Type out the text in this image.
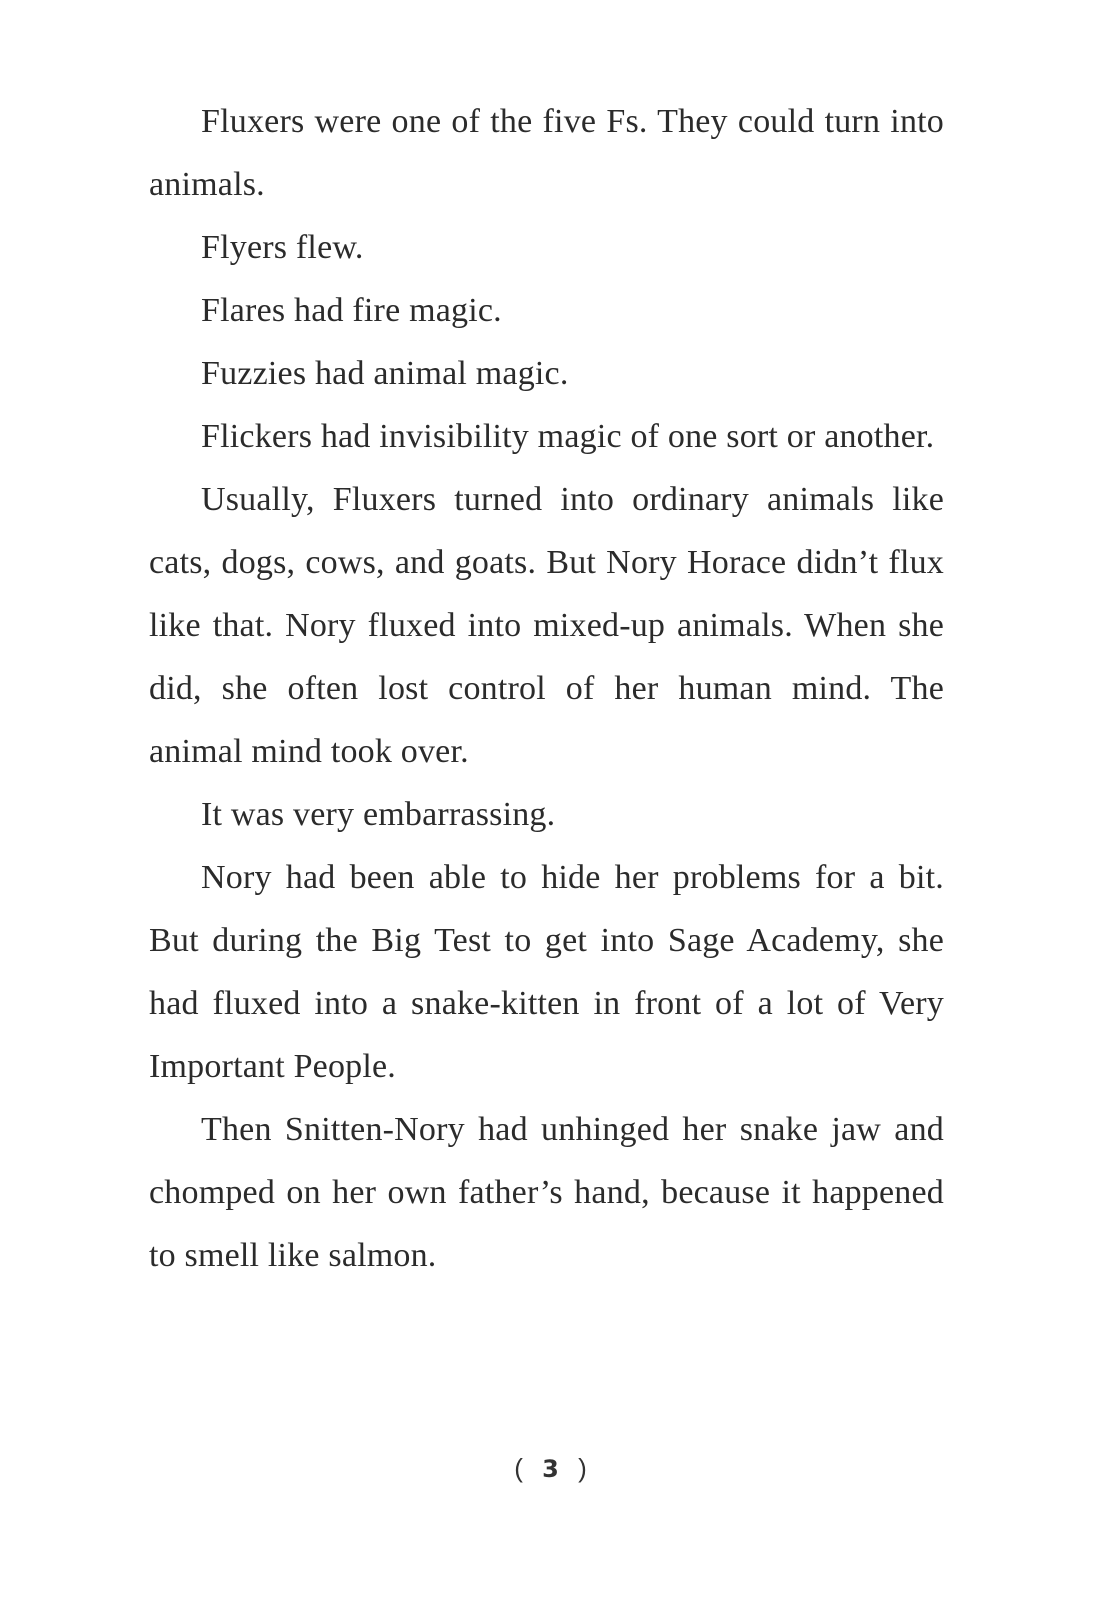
Fluxers were one of the five Fs. They could turn into animals.

Flyers flew.

Flares had fire magic.

Fuzzies had animal magic.

Flickers had invisibility magic of one sort or another.

Usually, Fluxers turned into ordinary animals like cats, dogs, cows, and goats. But Nory Horace didn’t flux like that. Nory fluxed into mixed-up animals. When she did, she often lost control of her human mind. The animal mind took over.

It was very embarrassing.

Nory had been able to hide her problems for a bit. But during the Big Test to get into Sage Academy, she had fluxed into a snake-kitten in front of a lot of Very Important People.

Then Snitten-Nory had unhinged her snake jaw and chomped on her own father’s hand, because it happened to smell like salmon.

( 3 )
